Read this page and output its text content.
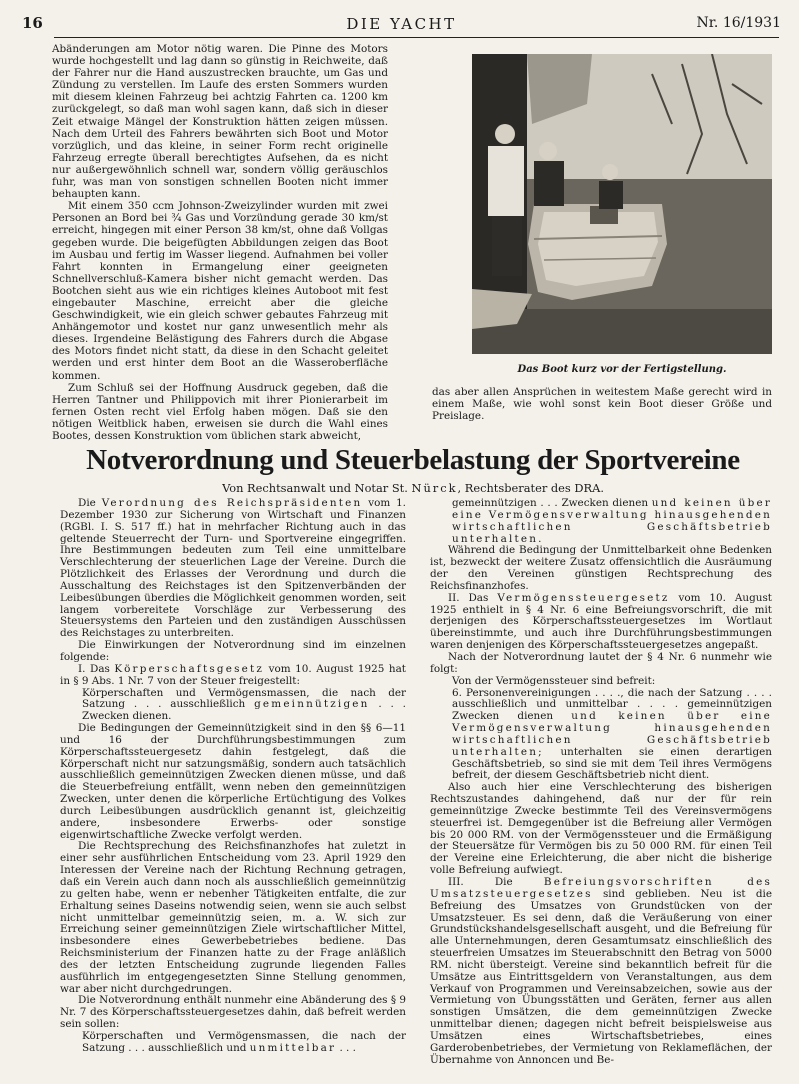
16	DIE YACHT	Nr. 16/1931

Abänderungen am Motor nötig waren. Die Pinne des Motors wurde hochgestellt und lag dann so günstig in Reichweite, daß der Fahrer nur die Hand auszustrecken brauchte, um Gas und Zündung zu verstellen. Im Laufe des ersten Sommers wurden mit diesem kleinen Fahrzeug bei achtzig Fahrten ca. 1200 km zurückgelegt, so daß man wohl sagen kann, daß sich in dieser Zeit etwaige Mängel der Konstruktion hätten zeigen müssen. Nach dem Urteil des Fahrers bewährten sich Boot und Motor vorzüglich, und das kleine, in seiner Form recht originelle Fahrzeug erregte überall berechtigtes Aufsehen, da es nicht nur außergewöhnlich schnell war, sondern völlig geräuschlos fuhr, was man von sonstigen schnellen Booten nicht immer behaupten kann.

Mit einem 350 ccm Johnson-Zweizylinder wurden mit zwei Personen an Bord bei ¾ Gas und Vorzündung gerade 30 km/st erreicht, hingegen mit einer Person 38 km/st, ohne daß Vollgas gegeben wurde. Die beigefügten Abbildungen zeigen das Boot im Ausbau und fertig im Wasser liegend. Aufnahmen bei voller Fahrt konnten in Ermangelung einer geeigneten Schnellverschluß-Kamera bisher nicht gemacht werden. Das Bootchen sieht aus wie ein richtiges kleines Autoboot mit fest eingebauter Maschine, erreicht aber die gleiche Geschwindigkeit, wie ein gleich schwer gebautes Fahrzeug mit Anhängemotor und kostet nur ganz unwesentlich mehr als dieses. Irgendeine Belästigung des Fahrers durch die Abgase des Motors findet nicht statt, da diese in den Schacht geleitet werden und erst hinter dem Boot an die Wasseroberfläche kommen.

Zum Schluß sei der Hoffnung Ausdruck gegeben, daß die Herren Tantner und Philippovich mit ihrer Pionierarbeit im fernen Osten recht viel Erfolg haben mögen. Daß sie den nötigen Weitblick haben, erweisen sie durch die Wahl eines Bootes, dessen Konstruktion vom üblichen stark abweicht,

Das Boot kurz vor der Fertigstellung.

das aber allen Ansprüchen in weitestem Maße gerecht wird in einem Maße, wie wohl sonst kein Boot dieser Größe und Preislage.

Notverordnung und Steuerbelastung der Sportvereine
Von Rechtsanwalt und Notar St. Nürck, Rechtsberater des DRA.

Die Verordnung des Reichspräsidenten vom 1. Dezember 1930 zur Sicherung von Wirtschaft und Finanzen (RGBl. I. S. 517 ff.) hat in mehrfacher Richtung auch in das geltende Steuerrecht der Turn- und Sportvereine eingegriffen. Ihre Bestimmungen bedeuten zum Teil eine unmittelbare Verschlechterung der steuerlichen Lage der Vereine. Durch die Plötzlichkeit des Erlasses der Verordnung und durch die Ausschaltung des Reichstages ist den Spitzenverbänden der Leibesübungen überdies die Möglichkeit genommen worden, seit langem vorbereitete Vorschläge zur Verbesserung des Steuersystems den Parteien und den zuständigen Ausschüssen des Reichstages zu unterbreiten.

Die Einwirkungen der Notverordnung sind im einzelnen folgende:

I. Das Körperschaftsgesetz vom 10. August 1925 hat in § 9 Abs. 1 Nr. 7 von der Steuer freigestellt:

Körperschaften und Vermögensmassen, die nach der Satzung . . . ausschließlich gemeinnützigen . . . Zwecken dienen.

Die Bedingungen der Gemeinnützigkeit sind in den §§ 6—11 und 16 der Durchführungsbestimmungen zum Körperschaftssteuergesetz dahin festgelegt, daß die Körperschaft nicht nur satzungsmäßig, sondern auch tatsächlich ausschließlich gemeinnützigen Zwecken dienen müsse, und daß die Steuerbefreiung entfällt, wenn neben den gemeinnützigen Zwecken, unter denen die körperliche Ertüchtigung des Volkes durch Leibesübungen ausdrücklich genannt ist, gleichzeitig andere, insbesondere Erwerbs- oder sonstige eigenwirtschaftliche Zwecke verfolgt werden.

Die Rechtsprechung des Reichsfinanzhofes hat zuletzt in einer sehr ausführlichen Entscheidung vom 23. April 1929 den Interessen der Vereine nach der Richtung Rechnung getragen, daß ein Verein auch dann noch als ausschließlich gemeinnützig zu gelten habe, wenn er nebenher Tätigkeiten entfalte, die zur Erhaltung seines Daseins notwendig seien, wenn sie auch selbst nicht unmittelbar gemeinnützig seien, m. a. W. sich zur Erreichung seiner gemeinnützigen Ziele wirtschaftlicher Mittel, insbesondere eines Gewerbebetriebes bediene. Das Reichsministerium der Finanzen hatte zu der Frage anläßlich des der letzten Entscheidung zugrunde liegenden Falles ausführlich im entgegengesetzten Sinne Stellung genommen, war aber nicht durchgedrungen.

Die Notverordnung enthält nunmehr eine Abänderung des § 9 Nr. 7 des Körperschaftssteuergesetzes dahin, daß befreit werden sein sollen:

Körperschaften und Vermögensmassen, die nach der Satzung . . . ausschließlich und unmittelbar . . .

gemeinnützigen . . . Zwecken dienen und keinen über eine Vermögensverwaltung hinausgehenden wirtschaftlichen Geschäftsbetrieb unterhalten.

Während die Bedingung der Unmittelbarkeit ohne Bedenken ist, bezweckt der weitere Zusatz offensichtlich die Ausräumung der den Vereinen günstigen Rechtsprechung des Reichsfinanzhofes.

II. Das Vermögenssteuergesetz vom 10. August 1925 enthielt in § 4 Nr. 6 eine Befreiungsvorschrift, die mit derjenigen des Körperschaftssteuergesetzes im Wortlaut übereinstimmte, und auch ihre Durchführungsbestimmungen waren denjenigen des Körperschaftssteuergesetzes angepaßt.

Nach der Notverordnung lautet der § 4 Nr. 6 nunmehr wie folgt:

Von der Vermögenssteuer sind befreit:

6. Personenvereinigungen . . . ., die nach der Satzung . . . . ausschließlich und unmittelbar . . . . gemeinnützigen Zwecken dienen und keinen über eine Vermögensverwaltung hinausgehenden wirtschaftlichen Geschäftsbetrieb unterhalten; unterhalten sie einen derartigen Geschäftsbetrieb, so sind sie mit dem Teil ihres Vermögens befreit, der diesem Geschäftsbetrieb nicht dient.

Also auch hier eine Verschlechterung des bisherigen Rechtszustandes dahingehend, daß nur der für rein gemeinnützige Zwecke bestimmte Teil des Vereinsvermögens steuerfrei ist. Demgegenüber ist die Befreiung aller Vermögen bis 20 000 RM. von der Vermögenssteuer und die Ermäßigung der Steuersätze für Vermögen bis zu 50 000 RM. für einen Teil der Vereine eine Erleichterung, die aber nicht die bisherige volle Befreiung aufwiegt.

III. Die	Befreiungsvorschriften des Umsatzsteuergesetzes sind geblieben. Neu ist die Befreiung des Umsatzes von Grundstücken von der Umsatzsteuer. Es sei denn, daß die Veräußerung von einer Grundstückshandelsgesellschaft ausgeht, und die Befreiung für alle Unternehmungen, deren Gesamtumsatz einschließlich des steuerfreien Umsatzes im Steuerabschnitt den Betrag von 5000 RM. nicht übersteigt. Vereine sind bekanntlich befreit für die Umsätze aus Eintrittsgeldern von Veranstaltungen, aus dem Verkauf von Programmen und Vereinsabzeichen, sowie aus der Vermietung von Übungsstätten und Geräten, ferner aus allen sonstigen Umsätzen, die dem gemeinnützigen Zwecke unmittelbar dienen; dagegen nicht befreit beispielsweise aus Umsätzen eines Wirtschaftsbetriebes, eines Garderobenbetriebes, der Vermietung von Reklameflächen, der Übernahme von Annoncen und Be-
